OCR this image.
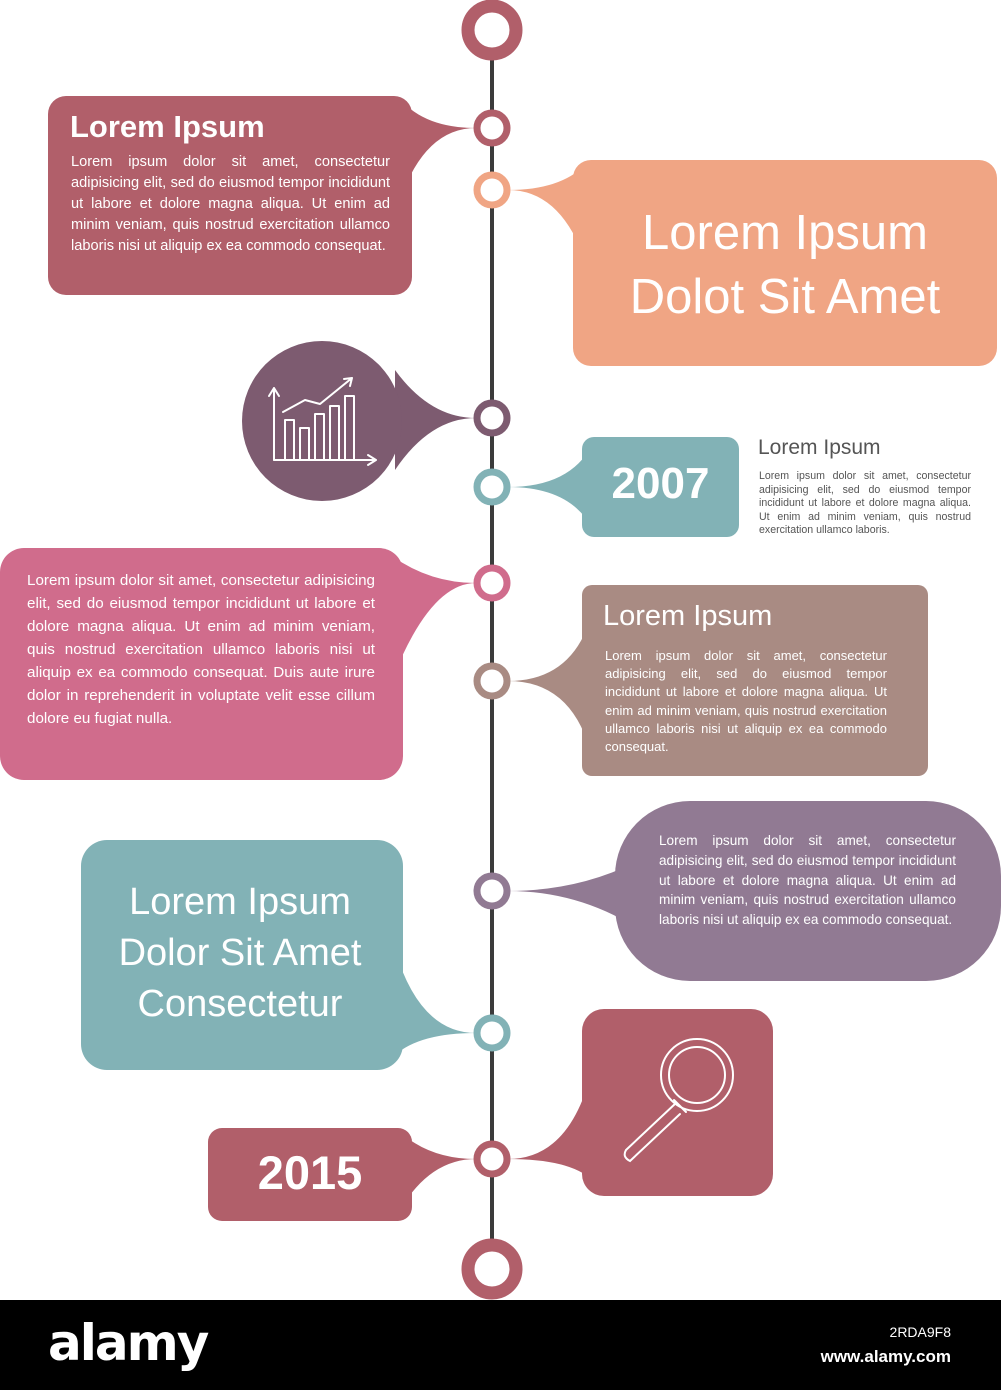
Lorem Ipsum
Lorem ipsum dolor sit amet, consectetur adipisicing elit, sed do eiusmod tempor incididunt ut labore et dolore magna aliqua. Ut enim ad minim veniam, quis nostrud exercitation ullamco laboris nisi ut aliquip ex ea commodo consequat.	Lorem Ipsum
Dolot Sit Amet
2007
Lorem Ipsum
Lorem ipsum dolor sit amet, consectetur adipisicing elit, sed do eiusmod tempor incididunt ut labore et dolore magna aliqua. Ut enim ad minim veniam, quis nostrud exercitation ullamco laboris.
Lorem ipsum dolor sit amet, consectetur adipisicing elit, sed do eiusmod tempor incididunt ut labore et dolore magna aliqua. Ut enim ad minim veniam, quis nostrud exercitation ullamco laboris nisi ut aliquip ex ea commodo consequat. Duis aute irure dolor in reprehenderit in voluptate velit esse cillum dolore eu fugiat nulla.
Lorem Ipsum
Lorem ipsum dolor sit amet, consectetur adipisicing elit, sed do eiusmod tempor incididunt ut labore et dolore magna aliqua. Ut enim ad minim veniam, quis nostrud exercitation ullamco laboris nisi ut aliquip ex ea commodo consequat.
Lorem ipsum dolor sit amet, consectetur adipisicing elit, sed do eiusmod tempor incididunt ut labore et dolore magna aliqua. Ut enim ad minim veniam, quis nostrud exercitation ullamco laboris nisi ut aliquip ex ea commodo consequat.
Lorem Ipsum
Dolor Sit Amet
Consectetur
2015
alamy	2RDA9F8
www.alamy.com
